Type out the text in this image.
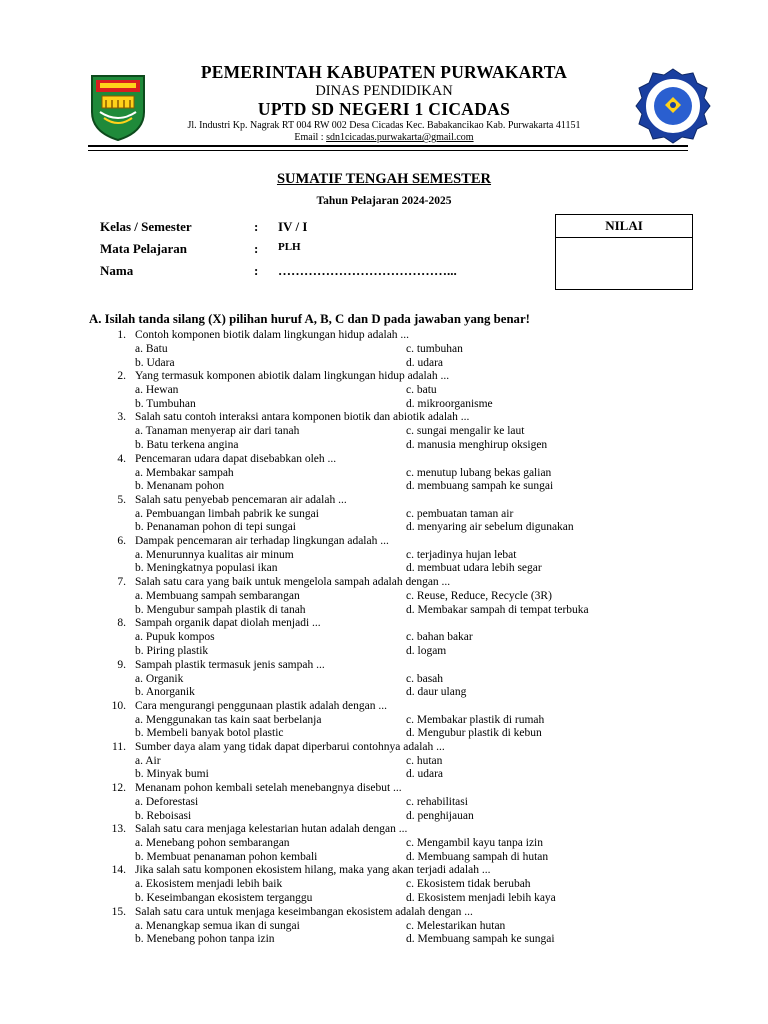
PEMERINTAH KABUPATEN PURWAKARTA
DINAS PENDIDIKAN
UPTD SD NEGERI 1 CICADAS
Jl. Industri Kp. Nagrak RT 004 RW 002 Desa Cicadas Kec. Babakancikao Kab. Purwakarta 41151
Email : sdn1cicadas.purwakarta@gmail.com
SUMATIF TENGAH SEMESTER
Tahun Pelajaran 2024-2025
Kelas / Semester	: IV / I
Mata Pelajaran	: PLH
Nama	: …………………………………...
NILAI
A. Isilah tanda silang (X) pilihan huruf A, B, C dan D pada jawaban yang benar!
1. Contoh komponen biotik dalam lingkungan hidup adalah ...
a. Batu
b. Udara
c. tumbuhan
d. udara
2. Yang termasuk komponen abiotik dalam lingkungan hidup adalah ...
a. Hewan
b. Tumbuhan
c. batu
d. mikroorganisme
3. Salah satu contoh interaksi antara komponen biotik dan abiotik adalah ...
a. Tanaman menyerap air dari tanah
b. Batu terkena angina
c. sungai mengalir ke laut
d. manusia menghirup oksigen
4. Pencemaran udara dapat disebabkan oleh ...
a. Membakar sampah
b. Menanam pohon
c. menutup lubang bekas galian
d. membuang sampah ke sungai
5. Salah satu penyebab pencemaran air adalah ...
a. Pembuangan limbah pabrik ke sungai
b. Penanaman pohon di tepi sungai
c. pembuatan taman air
d. menyaring air sebelum digunakan
6. Dampak pencemaran air terhadap lingkungan adalah ...
a. Menurunnya kualitas air minum
b. Meningkatnya populasi ikan
c. terjadinya hujan lebat
d. membuat udara lebih segar
7. Salah satu cara yang baik untuk mengelola sampah adalah dengan ...
a. Membuang sampah sembarangan
b. Mengubur sampah plastik di tanah
c. Reuse, Reduce, Recycle (3R)
d. Membakar sampah di tempat terbuka
8. Sampah organik dapat diolah menjadi ...
a. Pupuk kompos
b. Piring plastik
c. bahan bakar
d. logam
9. Sampah plastik termasuk jenis sampah ...
a. Organik
b. Anorganik
c. basah
d. daur ulang
10. Cara mengurangi penggunaan plastik adalah dengan ...
a. Menggunakan tas kain saat berbelanja
b. Membeli banyak botol plastic
c. Membakar plastik di rumah
d. Mengubur plastik di kebun
11. Sumber daya alam yang tidak dapat diperbarui contohnya adalah ...
a. Air
b. Minyak bumi
c. hutan
d. udara
12. Menanam pohon kembali setelah menebangnya disebut ...
a. Deforestasi
b. Reboisasi
c. rehabilitasi
d. penghijauan
13. Salah satu cara menjaga kelestarian hutan adalah dengan ...
a. Menebang pohon sembarangan
b. Membuat penanaman pohon kembali
c. Mengambil kayu tanpa izin
d. Membuang sampah di hutan
14. Jika salah satu komponen ekosistem hilang, maka yang akan terjadi adalah ...
a. Ekosistem menjadi lebih baik
b. Keseimbangan ekosistem terganggu
c. Ekosistem tidak berubah
d. Ekosistem menjadi lebih kaya
15. Salah satu cara untuk menjaga keseimbangan ekosistem adalah dengan ...
a. Menangkap semua ikan di sungai
b. Menebang pohon tanpa izin
c. Melestarikan hutan
d. Membuang sampah ke sungai
